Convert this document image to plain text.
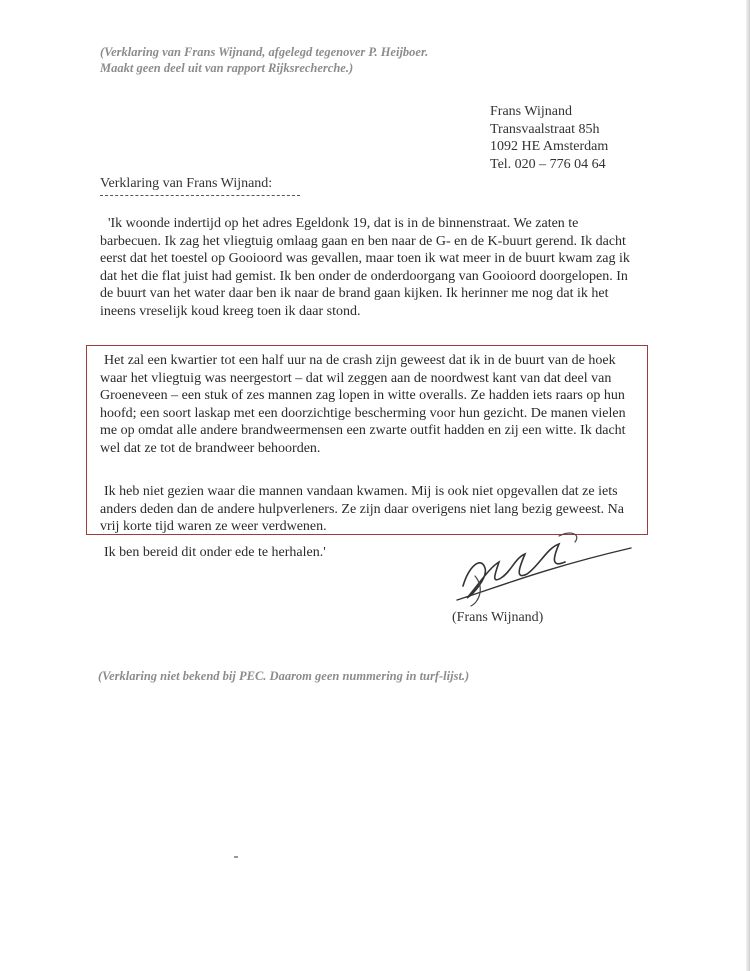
(Verklaring van Frans Wijnand, afgelegd tegenover P. Heijboer.
Maakt geen deel uit van rapport Rijksrecherche.)
Frans Wijnand
Transvaalstraat 85h
1092 HE Amsterdam
Tel. 020 – 776 04 64
Verklaring van Frans Wijnand:
'Ik woonde indertijd op het adres Egeldonk 19, dat is in de binnenstraat. We zaten te barbecuen. Ik zag het vliegtuig omlaag gaan en ben naar de G- en de K-buurt gerend. Ik dacht eerst dat het toestel op Gooioord was gevallen, maar toen ik wat meer in de buurt kwam zag ik dat het die flat juist had gemist. Ik ben onder de onderdoorgang van Gooioord doorgelopen. In de buurt van het water daar ben ik naar de brand gaan kijken. Ik herinner me nog dat ik het ineens vreselijk koud kreeg toen ik daar stond.
Het zal een kwartier tot een half uur na de crash zijn geweest dat ik in de buurt van de hoek waar het vliegtuig was neergestort – dat wil zeggen aan de noordwest kant van dat deel van Groeneveen – een stuk of zes mannen zag lopen in witte overalls. Ze hadden iets raars op hun hoofd; een soort laskap met een doorzichtige bescherming voor hun gezicht. De manen vielen me op omdat alle andere brandweermensen een zwarte outfit hadden en zij een witte. Ik dacht wel dat ze tot de brandweer behoorden.
Ik heb niet gezien waar die mannen vandaan kwamen. Mij is ook niet opgevallen dat ze iets anders deden dan de andere hulpverleners. Ze zijn daar overigens niet lang bezig geweest. Na vrij korte tijd waren ze weer verdwenen.
Ik ben bereid dit onder ede te herhalen.'
(Frans Wijnand)
(Verklaring niet bekend bij PEC. Daarom geen nummering in turf-lijst.)
